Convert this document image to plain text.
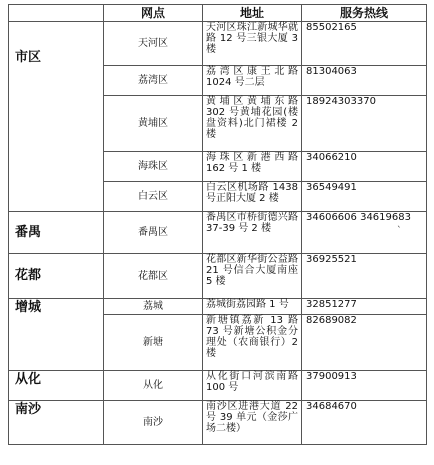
	网点	地址	服务热线
市区	天河区	天河区珠江新城华就路 12 号三银大厦 3 楼	85502165
	荔湾区	荔湾区康王北路 1024 号二层	81304063
	黄埔区	黄埔区黄埔东路 302 号黄埔花园(楼盘资料)北门裙楼 2 楼	18924303370
	海珠区	海珠区新港西路 162 号 1 楼	34066210
	白云区	白云区机场路 1438 号正阳大厦 2 楼	36549491
番禺	番禺区	番禺区市桥街德兴路 37-39 号 2 楼	34606606 34619683
花都	花都区	花都区新华街公益路 21 号信合大厦南座 5 楼	36925521
增城	荔城	荔城街荔园路 1 号	32851277
	新塘	新塘镇荔新 13 路 73 号新塘公积金分理处（农商银行）2 楼	82689082
从化	从化	从化街口河滨南路 100 号	37900913
南沙	南沙	南沙区进港大道 22 号 39 单元（金莎广场二楼）	34684670
`
